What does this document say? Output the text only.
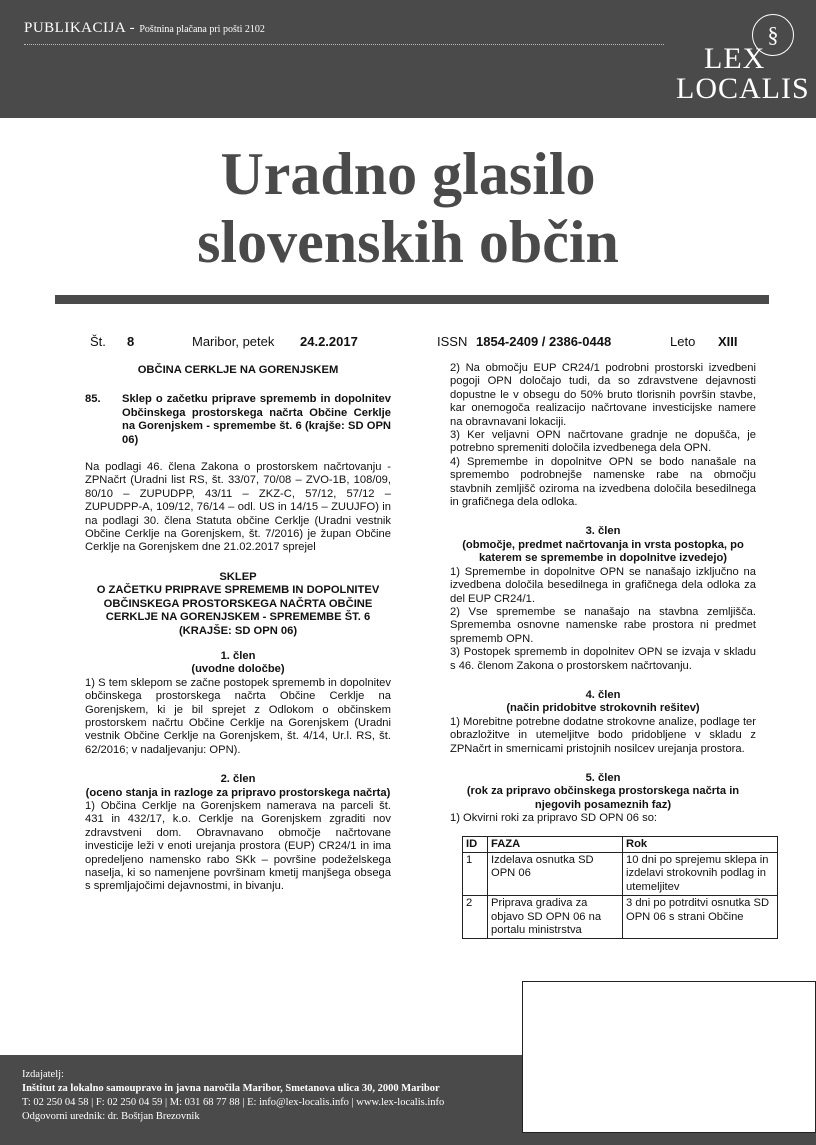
PUBLIKACIJA - Poštnina plačana pri pošti 2102	§
LEX
LOCALIS
Uradno glasilo
slovenskih občin
Št. 8	Maribor, petek 24.2.2017	ISSN 1854-2409 / 2386-0448	Leto XIII

OBČINA CERKLJE NA GORENJSKEM

85.	Sklep o začetku priprave sprememb in dopolnitev Občinskega prostorskega načrta Občine Cerklje na Gorenjskem - spremembe št. 6 (krajše: SD OPN 06)

Na podlagi 46. člena Zakona o prostorskem načrtovanju - ZPNačrt (Uradni list RS, št. 33/07, 70/08 – ZVO-1B, 108/09, 80/10 – ZUPUDPP, 43/11 – ZKZ-C, 57/12, 57/12 – ZUPUDPP-A, 109/12, 76/14 – odl. US in 14/15 – ZUUJFO) in na podlagi 30. člena Statuta občine Cerklje (Uradni vestnik Občine Cerklje na Gorenjskem, št. 7/2016) je župan Občine Cerklje na Gorenjskem dne 21.02.2017 sprejel

SKLEP
O ZAČETKU PRIPRAVE SPREMEMB IN DOPOLNITEV
OBČINSKEGA PROSTORSKEGA NAČRTA OBČINE
CERKLJE NA GORENJSKEM - SPREMEMBE ŠT. 6
(KRAJŠE: SD OPN 06)
1. člen
(uvodne določbe)

1) S tem sklepom se začne postopek sprememb in dopolnitev občinskega prostorskega načrta Občine Cerklje na Gorenjskem, ki je bil sprejet z Odlokom o občinskem prostorskem načrtu Občine Cerklje na Gorenjskem (Uradni vestnik Občine Cerklje na Gorenjskem, št. 4/14, Ur.l. RS, št. 62/2016; v nadaljevanju: OPN).

2. člen
(oceno stanja in razloge za pripravo prostorskega načrta)

1) Občina Cerklje na Gorenjskem namerava na parceli št. 431 in 432/17, k.o. Cerklje na Gorenjskem zgraditi nov zdravstveni dom. Obravnavano območje načrtovane investicije leži v enoti urejanja prostora (EUP) CR24/1 in ima opredeljeno namensko rabo SKk – površine podeželskega naselja, ki so namenjene površinam kmetij manjšega obsega s spremljajočimi dejavnostmi, in bivanju.

2) Na območju EUP CR24/1 podrobni prostorski izvedbeni pogoji OPN določajo tudi, da so zdravstvene dejavnosti dopustne le v obsegu do 50% bruto tlorisnih površin stavbe, kar onemogoča realizacijo načrtovane investicijske namere na obravnavani lokaciji.

3) Ker veljavni OPN načrtovane gradnje ne dopušča, je potrebno spremeniti določila izvedbenega dela OPN.

4) Spremembe in dopolnitve OPN se bodo nanašale na spremembo podrobnejše namenske rabe na območju stavbnih zemljišč oziroma na izvedbena določila besedilnega in grafičnega dela odloka.

3. člen
(območje, predmet načrtovanja in vrsta postopka, po katerem se spremembe in dopolnitve izvedejo)

1) Spremembe in dopolnitve OPN se nanašajo izključno na izvedbena določila besedilnega in grafičnega dela odloka za del EUP CR24/1.

2) Vse spremembe se nanašajo na stavbna zemljišča. Sprememba osnovne namenske rabe prostora ni predmet sprememb OPN.

3) Postopek sprememb in dopolnitev OPN se izvaja v skladu s 46. členom Zakona o prostorskem načrtovanju.

4. člen
(način pridobitve strokovnih rešitev)

1) Morebitne potrebne dodatne strokovne analize, podlage ter obrazložitve in utemeljitve bodo pridobljene v skladu z ZPNačrt in smernicami pristojnih nosilcev urejanja prostora.

5. člen
(rok za pripravo občinskega prostorskega načrta in njegovih posameznih faz)

1) Okvirni roki za pripravo SD OPN 06 so:

ID	FAZA	Rok
1	Izdelava osnutka SD OPN 06	10 dni po sprejemu sklepa in izdelavi strokovnih podlag in utemeljitev
2	Priprava gradiva za objavo SD OPN 06 na portalu ministrstva	3 dni po potrditvi osnutka SD OPN 06 s strani Občine
Izdajatelj:
Inštitut za lokalno samoupravo in javna naročila Maribor, Smetanova ulica 30, 2000 Maribor
T: 02 250 04 58 | F: 02 250 04 59 | M: 031 68 77 88 | E: info@lex-localis.info | www.lex-localis.info
Odgovorni urednik: dr. Boštjan Brezovnik
